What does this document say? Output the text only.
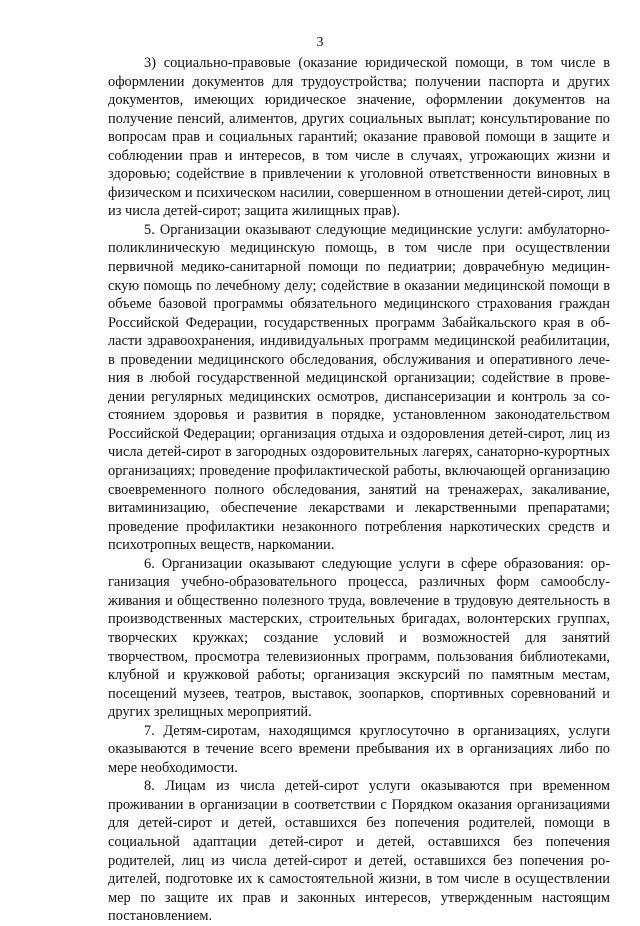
3

3) социально-правовые (оказание юридической помощи, в том числе в оформлении документов для трудоустройства; получении паспорта и других документов, имеющих юридическое значение, оформлении документов на получение пенсий, алиментов, других социальных выплат; консультирование по вопросам прав и социальных гарантий; оказание правовой помощи в защите и соблюдении прав и интересов, в том числе в случаях, угрожающих жизни и здоровью; содействие в привлечении к уголовной ответственности виновных в физическом и психическом насилии, совершенном в отношении детей-сирот, лиц из числа детей-сирот; защита жилищных прав).

5. Организации оказывают следующие медицинские услуги: амбулаторно-поликлиническую медицинскую помощь, в том числе при осуществлении первичной медико-санитарной помощи по педиатрии; доврачебную медицинскую помощь по лечебному делу; содействие в оказании медицинской помощи в объеме базовой программы обязательного медицинского страхования граждан Российской Федерации, государственных программ Забайкальского края в области здравоохранения, индивидуальных программ медицинской реабилитации, в проведении медицинского обследования, обслуживания и оперативного лечения в любой государственной медицинской организации; содействие в проведении регулярных медицинских осмотров, диспансеризации и контроль за состоянием здоровья и развития в порядке, установленном законодательством Российской Федерации; организация отдыха и оздоровления детей-сирот, лиц из числа детей-сирот в загородных оздоровительных лагерях, санаторно-курортных организациях; проведение профилактической работы, включающей организацию своевременного полного обследования, занятий на тренажерах, закаливание, витаминизацию, обеспечение лекарствами и лекарственными препаратами; проведение профилактики незаконного потребления наркотических средств и психотропных веществ, наркомании.

6. Организации оказывают следующие услуги в сфере образования: организация учебно-образовательного процесса, различных форм самообслуживания и общественно полезного труда, вовлечение в трудовую деятельность в производственных мастерских, строительных бригадах, волонтерских группах, творческих кружках; создание условий и возможностей для занятий творчеством, просмотра телевизионных программ, пользования библиотеками, клубной и кружковой работы; организация экскурсий по памятным местам, посещений музеев, театров, выставок, зоопарков, спортивных соревнований и других зрелищных мероприятий.

7. Детям-сиротам, находящимся круглосуточно в организациях, услуги оказываются в течение всего времени пребывания их в организациях либо по мере необходимости.

8. Лицам из числа детей-сирот услуги оказываются при временном проживании в организации в соответствии с Порядком оказания организациями для детей-сирот и детей, оставшихся без попечения родителей, помощи в социальной адаптации детей-сирот и детей, оставшихся без попечения родителей, лиц из числа детей-сирот и детей, оставшихся без попечения родителей, подготовке их к самостоятельной жизни, в том числе в осуществлении мер по защите их прав и законных интересов, утвержденным настоящим постановлением.
